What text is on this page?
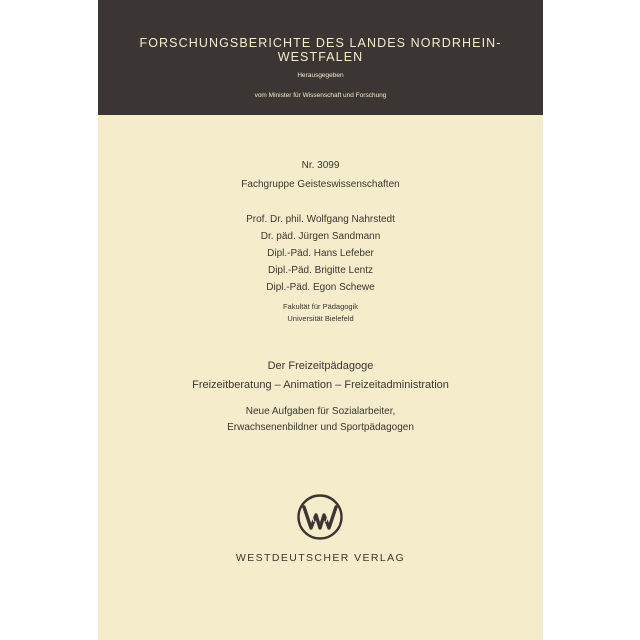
FORSCHUNGSBERICHTE DES LANDES NORDRHEIN-WESTFALEN
Herausgegeben
vom Minister für Wissenschaft und Forschung
Nr. 3099
Fachgruppe Geisteswissenschaften
Prof. Dr. phil. Wolfgang Nahrstedt
Dr. päd. Jürgen Sandmann
Dipl.-Päd. Hans Lefeber
Dipl.-Päd. Brigitte Lentz
Dipl.-Päd. Egon Schewe
Fakultät für Pädagogik
Universität Bielefeld
Der Freizeitpädagoge
Freizeitberatung – Animation – Freizeitadministration
Neue Aufgaben für Sozialarbeiter,
Erwachsenenbildner und Sportpädagogen
WESTDEUTSCHER VERLAG
